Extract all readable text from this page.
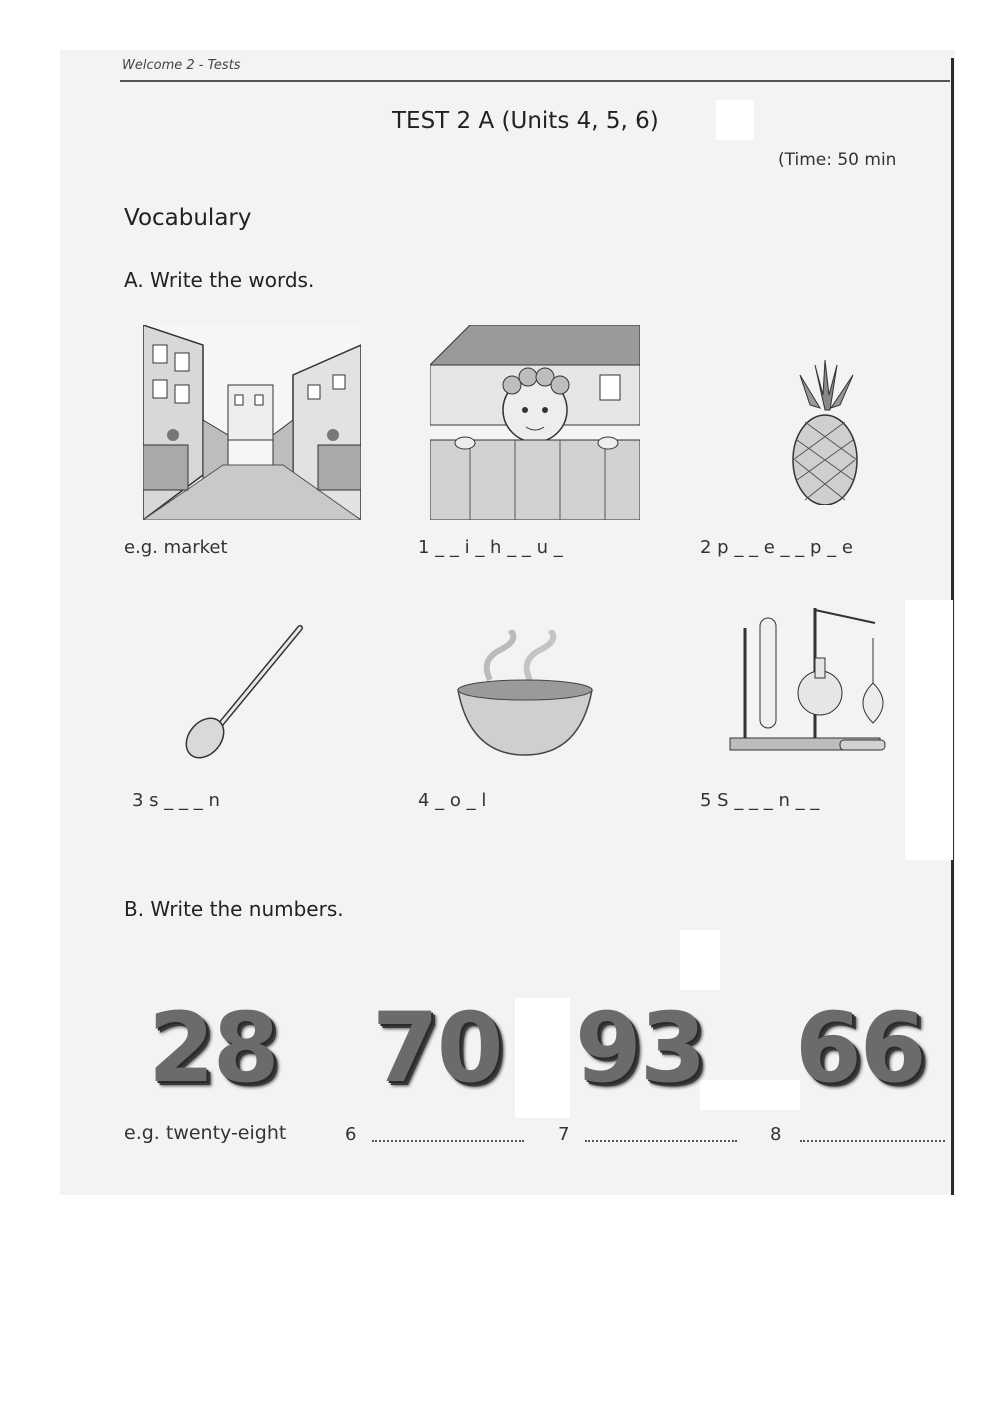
Welcome 2 - Tests
TEST 2 A (Units 4, 5, 6)
(Time: 50 min
Vocabulary
A. Write the words.
e.g. market	1 _ _ i _ h _ _ u _	2 p _ _ e _ _ p _ e
3 s _ _ _ n	4 _ o _ l	5 S _ _ _ n _ _
B. Write the numbers.
28 70 93 66
e.g. twenty-eight	6	7	8
